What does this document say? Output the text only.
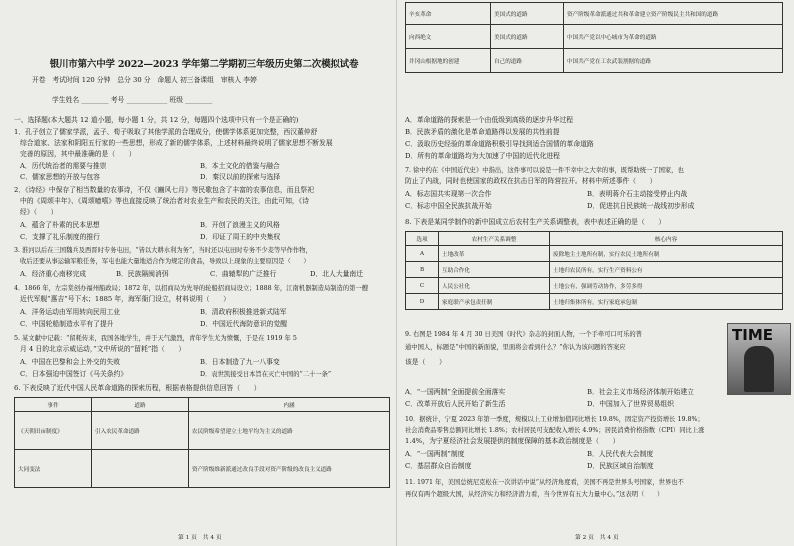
银川市第六中学 2022—2023 学年第二学期初三年级历史第二次模拟试卷
开卷　考试时间 120 分钟　总分 30 分　命题人 初三备课组　审核人 李婷
学生姓名 ________ 考号 ____________ 班级 ________
一、选择题(本大题共 12 道小题，每小题 1 分，共 12 分，每题四个选项中只有一个是正确的)
1．孔子创立了儒家学派，孟子、荀子吸取了其他学派的合理成分，使儒学体系更加完整，西汉董仲舒
综合道家、法家和阴阳五行家的一些思想，形成了新的儒学体系，上述材料最终说明了儒家思想不断发展
完善的原因，其中最准确的是（　　）
A．历代统治者的需要与推崇	B．本土文化的借鉴与融合
C．儒家思想的开放与包容	D．秦汉以前的探索与选择
2．《诗经》中保存了相当数量的农事诗，不仅《豳风七月》等民歌包含了丰富的农事信息，而且祭祀
中的《周颂丰年》、《周颂噫嘻》等也直接反映了统治者对农业生产和农民的关注，由此可知，《诗
经》（　　）
A．蕴含了朴素的民本思想	B．开创了浪漫主义的风格
C．支撑了礼乐制度的推行	D．印证了周王的中央集权
3. 淮河以后在三国魏兵及西晋时专务屯田，“皆以大耕水利为务”，当时还以屯田时专务不少麦等早作作物，
收后还要从事运输军粮任务，军屯也能大量地适合作为规定的食品，导致以上现象的主要原因是（　　）
A．经济重心南移完成	B．民族隔阂消弭	C．曲辕犁的广泛推行	D．北人大量南迁
4．1866 年，左宗棠创办福州船政局；1872 年，以招商局为先导的轮船招商局设立；1888 年，江南机器制造局制造的第一艘
近代军舰“惠吉”号下水；1885 年，海军衙门设立，材料说明（　　）
A．洋务运动由军用转向民用工业	B．清政府积极推进新式陆军
C．中国轮船制造水平有了提升	D．中国近代海防意识的觉醒
5. 某文献中记载：“留耗传来，我国各地学生，并于天气激烈，青年学生尤为愤慨，于是在 1919 年 5
月 4 日的北京示威运动，”文中所说的“留耗”指（　　）
A．中国在巴黎和会上外交的失败	B．日本制造了九一八事变
C．日本强迫中国签订《马关条约》	D．袁世凯接受日本旨在灭亡中国的“二十一条”
6. 下表反映了近代中国人民革命道路的探索历程，根据表格提供信息回答（　　）
事件	道路	内涵
《天朝田亩制度》	引入农民革命道路	农民阶级希望建立土地平均为主义的道路
大同变法		资产阶级维新派通过改良手段对资产阶级的改良主义道路
第 1 页　共 4 页
辛亥革命	美国式的道路	资产阶级革命派通过共和革命建立资产阶级民主共和国的道路
向西绝文	美国式的道路	中国共产党以中心城市为革命的道路
井冈山根据地的创建	自己的道路	中国共产党在工农武装割据的道路
A．革命道路的探索是一个由低级到高级的逐步升华过程
B．民族矛盾的激化是革命道路得以发展的共性前提
C．汲取历史经验的革命道路积极引导找到适合国情的革命道路
D．所有的革命道路均为大加速了中国的近代化进程
7. 徐中约在《中国近代史》中指出，这件事可以说是一件不幸中之大幸的事，既帮助统一了国家，也
防止了内战，同时也使国家的政权在抗击日军的阵营拉开。材料中所述事件（　　）
A．标志国共实现第一次合作	B．表明蒋介石主动接受停止内战
C．标志中国全民族抗战开始	D．促进抗日民族统一战线初步形成
8. 下表是某同学制作的新中国成立后农村生产关系调整表，表中表述正确的是（　　）
选项	农村生产关系调整	核心内容
A	土地改革	废除地主土地所有制，实行农民土地所有制
B	互助合作化	土地归农民所有，实行生产资料公有
C	人民公社化	土地公有，强调劳动协作，多劳多得
D	家庭联产承包责任制	土地归集体所有，实行家庭承包制
9. 右图是 1984 年 4 月 30 日美国《时代》杂志的封面人物，一个手牵可口可乐的普
通中国人，标题是“中国的新面貌，里面将会看到什么？”你认为该问题的答案应
该是（　　）
TIME
A．“一国两制”全面提前全面落实	B．社会主义市场经济体制开始建立
C．改革开放后人民开始了新生活	D．中国加入了世界贸易组织
10．据统计，宁夏 2023 年第一季度，规模以上工业增加值同比增长 19.8%，固定资产投资增长 19.8%；
社会消费品零售总额同比增长 1.8%；农村居民可支配收入增长 4.9%；居民消费价格指数（CPI）同比上涨
1.4%，为宁夏经济社会发展提供的制度保障的基本政治制度是（　　）
A．“一国两制”制度	B．人民代表大会制度
C．基层群众自治制度	D．民族区域自治制度
11. 1971 年，美国总统尼克松在一次讲话中说“从经济角度看，美国不再是世界头号国家，世界也不
再仅有两个超级大国，从经济实力和经济潜力看，当今世界有五大力量中心。”这表明（　　）
第 2 页　共 4 页
